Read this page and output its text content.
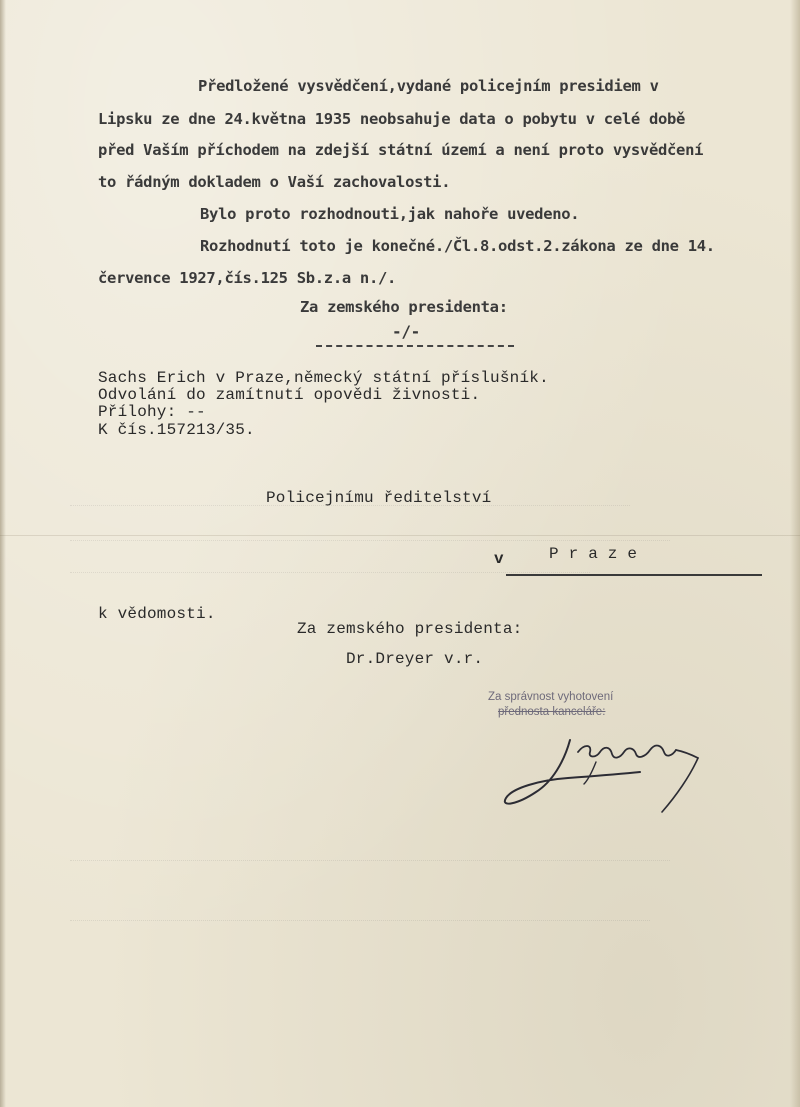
Předložené vysvědčení,vydané policejním presidiem v
Lipsku ze dne 24.května 1935 neobsahuje data o pobytu v celé době
před Vaším příchodem na zdejší státní území a není proto vysvědčení
to řádným dokladem o Vaší zachovalosti.
Bylo proto rozhodnouti,jak nahoře uvedeno.
Rozhodnutí toto je konečné./Čl.8.odst.2.zákona ze dne 14.
července 1927,čís.125 Sb.z.a n./.
Za zemského presidenta:
-/-
Sachs Erich v Praze,německý státní příslušník.
Odvolání do zamítnutí opovědi živnosti.
Přílohy: --
K čís.157213/35.
Policejnímu ředitelství
v	P r a z e
k vědomosti.
Za zemského presidenta:
Dr.Dreyer v.r.
Za správnost vyhotovení
přednosta kanceláře:
